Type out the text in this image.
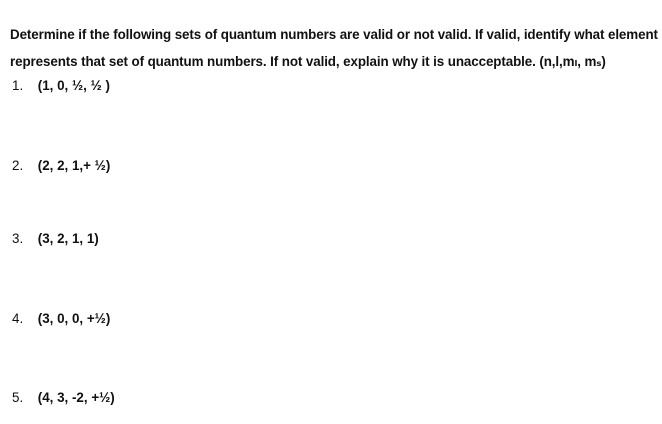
Determine if the following sets of quantum numbers are valid or not valid. If valid, identify what element
represents that set of quantum numbers. If not valid, explain why it is unacceptable. (n,l,mₗ, mₛ)
1. (1, 0, ½, ½ )
2. (2, 2, 1,+ ½)
3. (3, 2, 1, 1)
4. (3, 0, 0, +½)
5. (4, 3, -2, +½)
